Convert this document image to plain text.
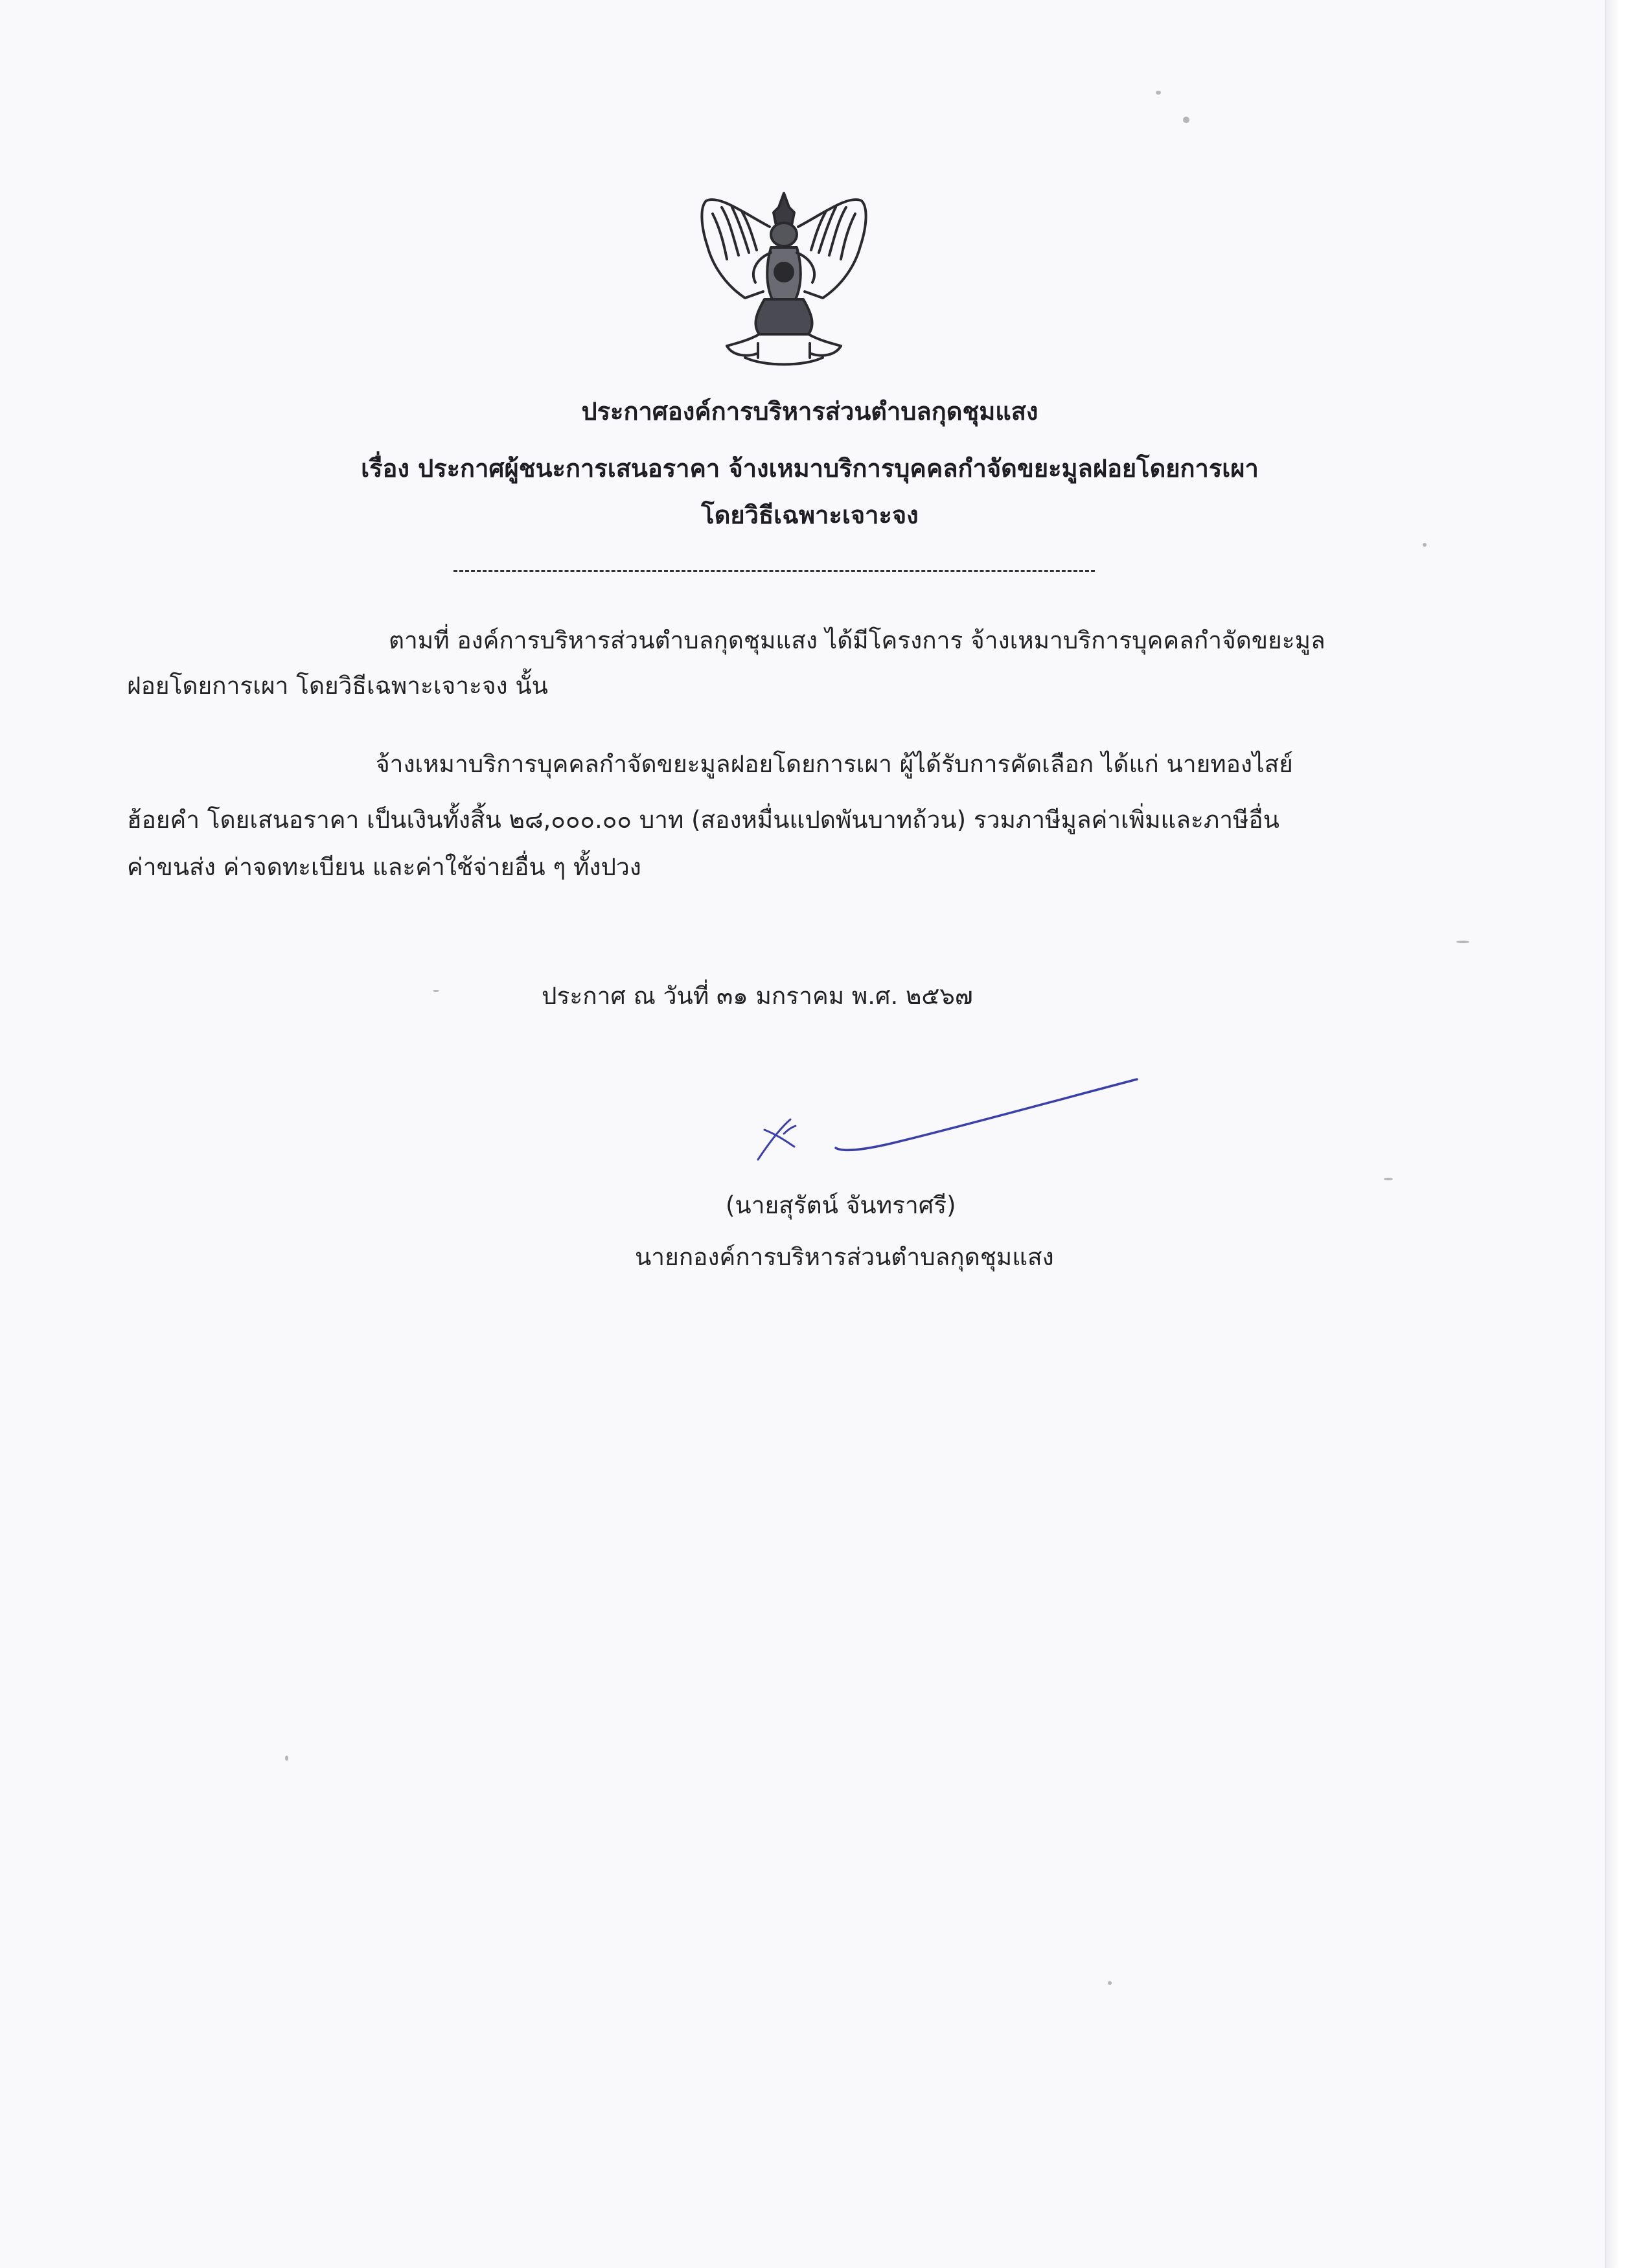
ประกาศองค์การบริหารส่วนตำบลกุดชุมแสง
เรื่อง ประกาศผู้ชนะการเสนอราคา จ้างเหมาบริการบุคคลกำจัดขยะมูลฝอยโดยการเผา
โดยวิธีเฉพาะเจาะจง
ตามที่ องค์การบริหารส่วนตำบลกุดชุมแสง ได้มีโครงการ จ้างเหมาบริการบุคคลกำจัดขยะมูล
ฝอยโดยการเผา โดยวิธีเฉพาะเจาะจง นั้น
จ้างเหมาบริการบุคคลกำจัดขยะมูลฝอยโดยการเผา ผู้ได้รับการคัดเลือก ได้แก่ นายทองไสย์
ฮ้อยคำ โดยเสนอราคา เป็นเงินทั้งสิ้น ๒๘,๐๐๐.๐๐ บาท (สองหมื่นแปดพันบาทถ้วน) รวมภาษีมูลค่าเพิ่มและภาษีอื่น
ค่าขนส่ง ค่าจดทะเบียน และค่าใช้จ่ายอื่น ๆ ทั้งปวง
ประกาศ ณ วันที่ ๓๑ มกราคม พ.ศ. ๒๕๖๗
(นายสุรัตน์ จันทราศรี)
นายกองค์การบริหารส่วนตำบลกุดชุมแสง
